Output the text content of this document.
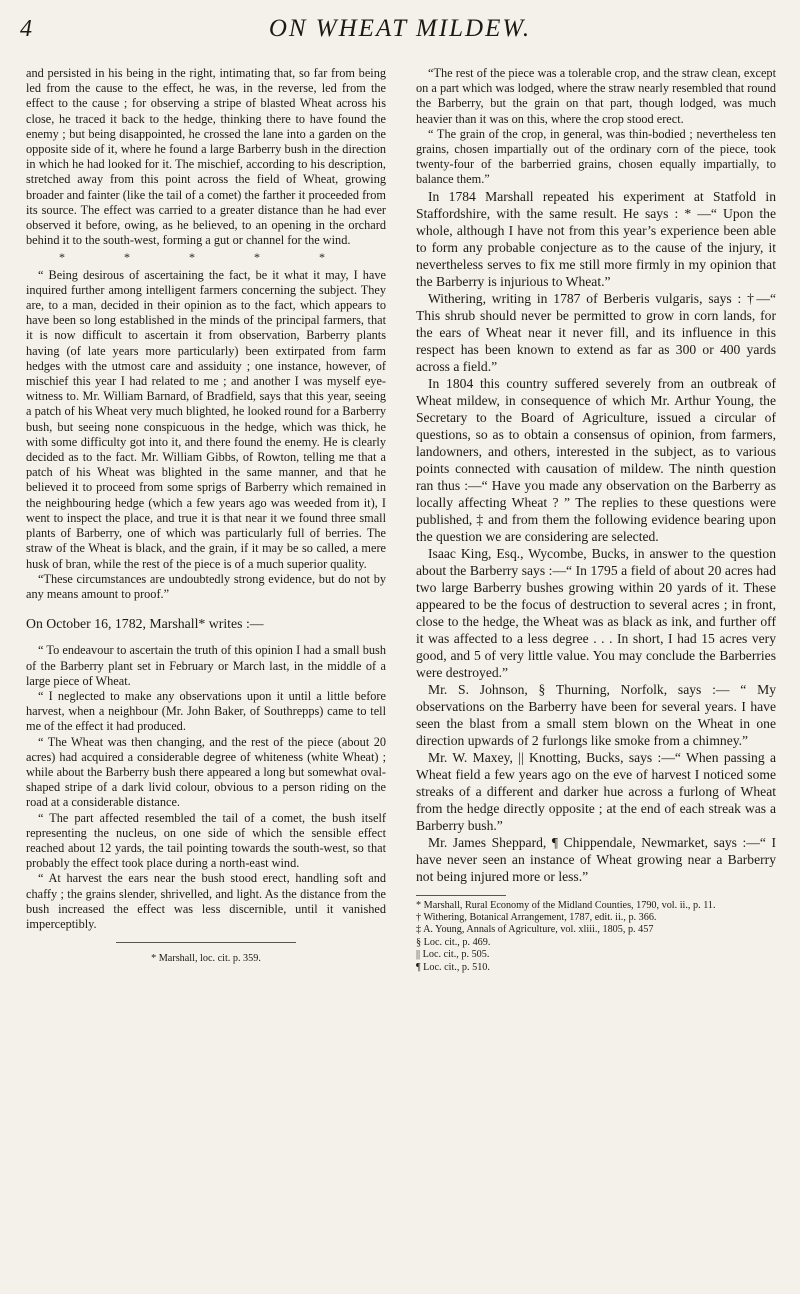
4	ON WHEAT MILDEW.

and persisted in his being in the right, intimating that, so far from being led from the cause to the effect, he was, in the reverse, led from the effect to the cause ; for observing a stripe of blasted Wheat across his close, he traced it back to the hedge, thinking there to have found the enemy ; but being disappointed, he crossed the lane into a garden on the opposite side of it, where he found a large Barberry bush in the direction in which he had looked for it. The mischief, according to his description, stretched away from this point across the field of Wheat, growing broader and fainter (like the tail of a comet) the farther it proceeded from its source. The effect was carried to a greater distance than he had ever observed it before, owing, as he believed, to an opening in the orchard behind it to the south-west, forming a gut or channel for the wind.

* * * * *

“ Being desirous of ascertaining the fact, be it what it may, I have inquired further among intelligent farmers concerning the subject. They are, to a man, decided in their opinion as to the fact, which appears to have been so long established in the minds of the principal farmers, that it is now difficult to ascertain it from observation, Barberry plants having (of late years more particularly) been extirpated from farm hedges with the utmost care and assiduity ; one instance, however, of mischief this year I had related to me ; and another I was myself eye-witness to. Mr. William Barnard, of Bradfield, says that this year, seeing a patch of his Wheat very much blighted, he looked round for a Barberry bush, but seeing none conspicuous in the hedge, which was thick, he with some difficulty got into it, and there found the enemy. He is clearly decided as to the fact. Mr. William Gibbs, of Rowton, telling me that a patch of his Wheat was blighted in the same manner, and that he believed it to proceed from some sprigs of Barberry which remained in the neighbouring hedge (which a few years ago was weeded from it), I went to inspect the place, and true it is that near it we found three small plants of Barberry, one of which was particularly full of berries. The straw of the Wheat is black, and the grain, if it may be so called, a mere husk of bran, while the rest of the piece is of a much superior quality.

“These circumstances are undoubtedly strong evidence, but do not by any means amount to proof.”

On October 16, 1782, Marshall* writes :—

“ To endeavour to ascertain the truth of this opinion I had a small bush of the Barberry plant set in February or March last, in the middle of a large piece of Wheat.

“ I neglected to make any observations upon it until a little before harvest, when a neighbour (Mr. John Baker, of Southrepps) came to tell me of the effect it had produced.

“ The Wheat was then changing, and the rest of the piece (about 20 acres) had acquired a considerable degree of whiteness (white Wheat) ; while about the Barberry bush there appeared a long but somewhat oval-shaped stripe of a dark livid colour, obvious to a person riding on the road at a considerable distance.

“ The part affected resembled the tail of a comet, the bush itself representing the nucleus, on one side of which the sensible effect reached about 12 yards, the tail pointing towards the south-west, so that probably the effect took place during a north-east wind.

“ At harvest the ears near the bush stood erect, handling soft and chaffy ; the grains slender, shrivelled, and light. As the distance from the bush increased the effect was less discernible, until it vanished imperceptibly.

* Marshall, loc. cit. p. 359.

“The rest of the piece was a tolerable crop, and the straw clean, except on a part which was lodged, where the straw nearly resembled that round the Barberry, but the grain on that part, though lodged, was much heavier than it was on this, where the crop stood erect.

“ The grain of the crop, in general, was thin-bodied ; nevertheless ten grains, chosen impartially out of the ordinary corn of the piece, took twenty-four of the barberried grains, chosen equally impartially, to balance them.”

In 1784 Marshall repeated his experiment at Statfold in Staffordshire, with the same result. He says : * —“ Upon the whole, although I have not from this year’s experience been able to form any probable conjecture as to the cause of the injury, it nevertheless serves to fix me still more firmly in my opinion that the Barberry is injurious to Wheat.”

Withering, writing in 1787 of Berberis vulgaris, says : †—“ This shrub should never be permitted to grow in corn lands, for the ears of Wheat near it never fill, and its influence in this respect has been known to extend as far as 300 or 400 yards across a field.”

In 1804 this country suffered severely from an outbreak of Wheat mildew, in consequence of which Mr. Arthur Young, the Secretary to the Board of Agriculture, issued a circular of questions, so as to obtain a consensus of opinion, from farmers, landowners, and others, interested in the subject, as to various points connected with causation of mildew. The ninth question ran thus :—“ Have you made any observation on the Barberry as locally affecting Wheat ? ” The replies to these questions were published, ‡ and from them the following evidence bearing upon the question we are considering are selected.

Isaac King, Esq., Wycombe, Bucks, in answer to the question about the Barberry says :—“ In 1795 a field of about 20 acres had two large Barberry bushes growing within 20 yards of it. These appeared to be the focus of destruction to several acres ; in front, close to the hedge, the Wheat was as black as ink, and further off it was affected to a less degree . . . In short, I had 15 acres very good, and 5 of very little value. You may conclude the Barberries were destroyed.”

Mr. S. Johnson, § Thurning, Norfolk, says :— “ My observations on the Barberry have been for several years. I have seen the blast from a small stem blown on the Wheat in one direction upwards of 2 furlongs like smoke from a chimney.”

Mr. W. Maxey, || Knotting, Bucks, says :—“ When passing a Wheat field a few years ago on the eve of harvest I noticed some streaks of a different and darker hue across a furlong of Wheat from the hedge directly opposite ; at the end of each streak was a Barberry bush.”

Mr. James Sheppard, ¶ Chippendale, Newmarket, says :—“ I have never seen an instance of Wheat growing near a Barberry not being injured more or less.”

* Marshall, Rural Economy of the Midland Counties, 1790, vol. ii., p. 11.
† Withering, Botanical Arrangement, 1787, edit. ii., p. 366.
‡ A. Young, Annals of Agriculture, vol. xliii., 1805, p. 457
§ Loc. cit., p. 469.
|| Loc. cit., p. 505.
¶ Loc. cit., p. 510.
